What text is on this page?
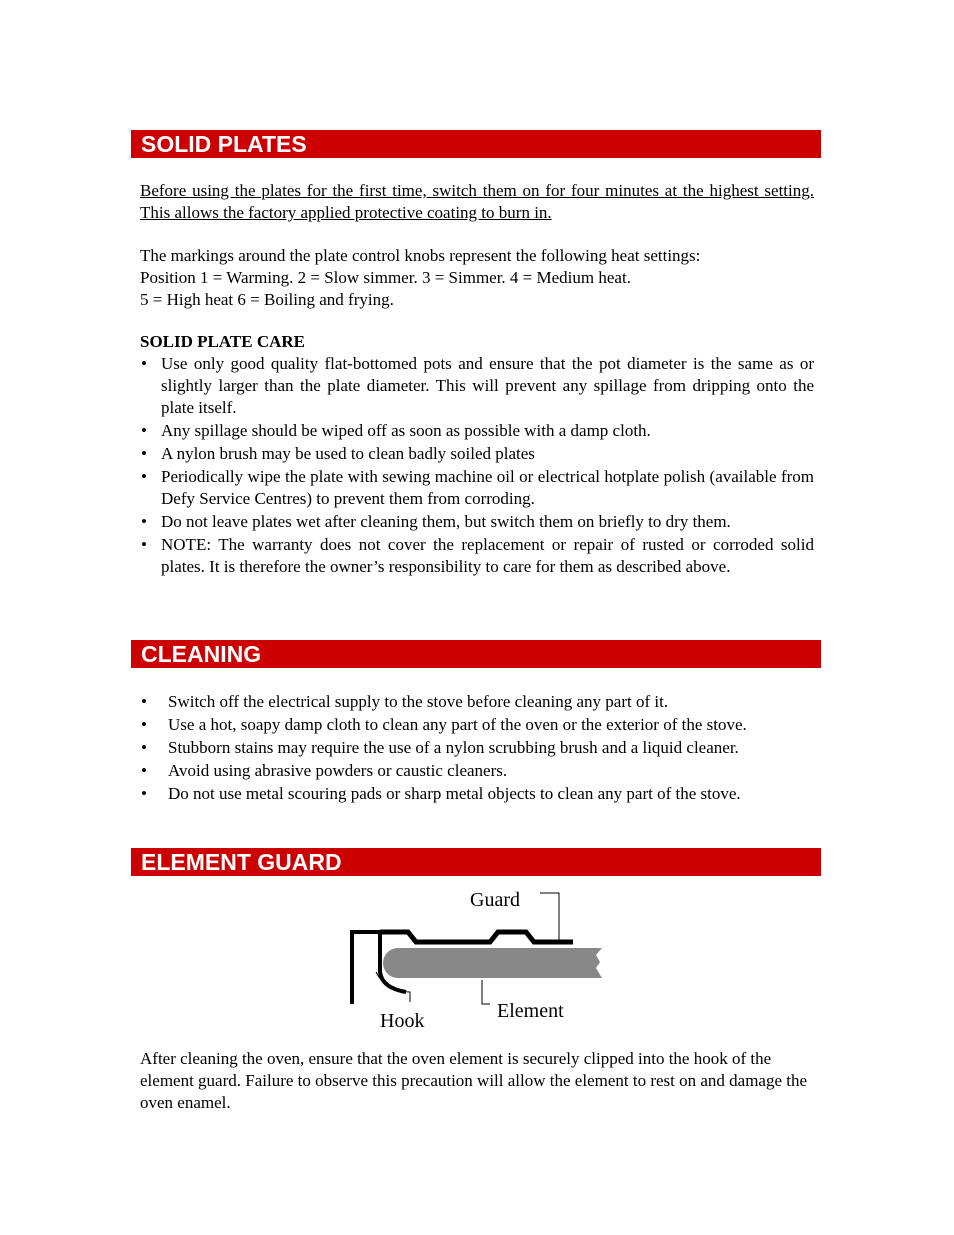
SOLID PLATES

Before using the plates for the first time, switch them on for four minutes at the highest setting. This allows the factory applied protective coating to burn in.

The markings around the plate control knobs represent the following heat settings:

Position 1 = Warming. 2 = Slow simmer. 3 = Simmer. 4 = Medium heat.

5 = High heat 6 = Boiling and frying.

SOLID PLATE CARE

• Use only good quality flat-bottomed pots and ensure that the pot diameter is the same as or slightly larger than the plate diameter. This will prevent any spillage from dripping onto the plate itself.
• Any spillage should be wiped off as soon as possible with a damp cloth.
• A nylon brush may be used to clean badly soiled plates
• Periodically wipe the plate with sewing machine oil or electrical hotplate polish (available from Defy Service Centres) to prevent them from corroding.
• Do not leave plates wet after cleaning them, but switch them on briefly to dry them.
• NOTE: The warranty does not cover the replacement or repair of rusted or corroded solid plates. It is therefore the owner’s responsibility to care for them as described above.
CLEANING
• Switch off the electrical supply to the stove before cleaning any part of it.
• Use a hot, soapy damp cloth to clean any part of the oven or the exterior of the stove.
• Stubborn stains may require the use of a nylon scrubbing brush and a liquid cleaner.
• Avoid using abrasive powders or caustic cleaners.
• Do not use metal scouring pads or sharp metal objects to clean any part of the stove.
ELEMENT GUARD
Guard
Hook	Element

After cleaning the oven, ensure that the oven element is securely clipped into the hook of the element guard. Failure to observe this precaution will allow the element to rest on and damage the oven enamel.
